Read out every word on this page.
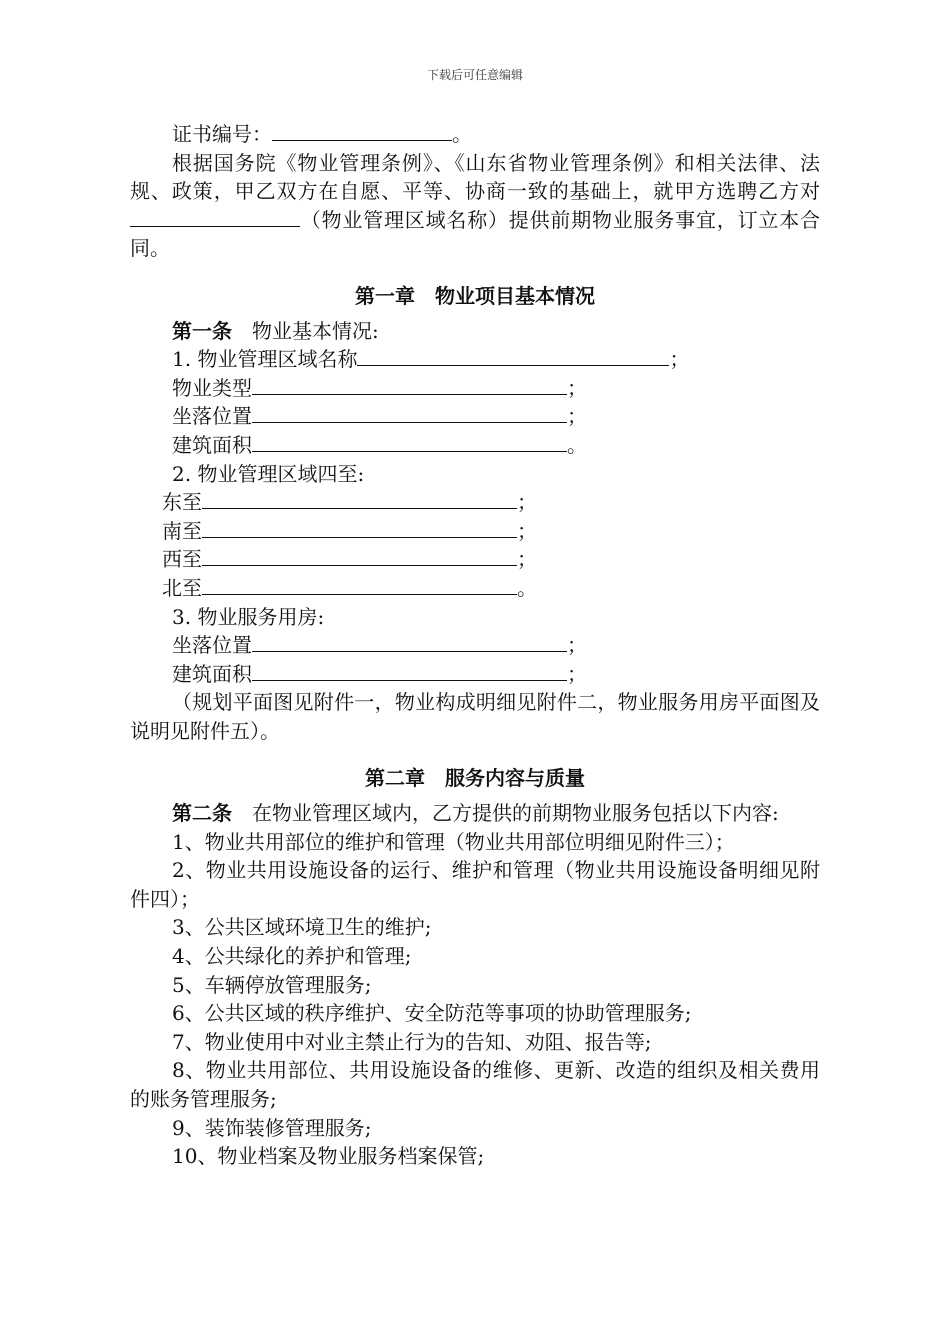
下载后可任意编辑

证书编号：	。

根据国务院《物业管理条例》、《山东省物业管理条例》和相关法律、法规、政策，甲乙双方在自愿、平等、协商一致的基础上，就甲方选聘乙方对（物业管理区域名称）提供前期物业服务事宜，订立本合同。

第一章　物业项目基本情况

第一条　物业基本情况:

1. 物业管理区域名称	；

物业类型	；

坐落位置	；

建筑面积	。

2. 物业管理区域四至:

东至	；

南至	；

西至	；

北至	。

3. 物业服务用房:

坐落位置	；

建筑面积	；

（规划平面图见附件一，物业构成明细见附件二，物业服务用房平面图及说明见附件五）。

第二章　服务内容与质量

第二条　在物业管理区域内，乙方提供的前期物业服务包括以下内容:

1、物业共用部位的维护和管理（物业共用部位明细见附件三）；

2、物业共用设施设备的运行、维护和管理（物业共用设施设备明细见附件四）；

3、公共区域环境卫生的维护;

4、公共绿化的养护和管理;

5、车辆停放管理服务;

6、公共区域的秩序维护、安全防范等事项的协助管理服务;

7、物业使用中对业主禁止行为的告知、劝阻、报告等;

8、物业共用部位、共用设施设备的维修、更新、改造的组织及相关费用的账务管理服务;

9、装饰装修管理服务;

10、物业档案及物业服务档案保管;
